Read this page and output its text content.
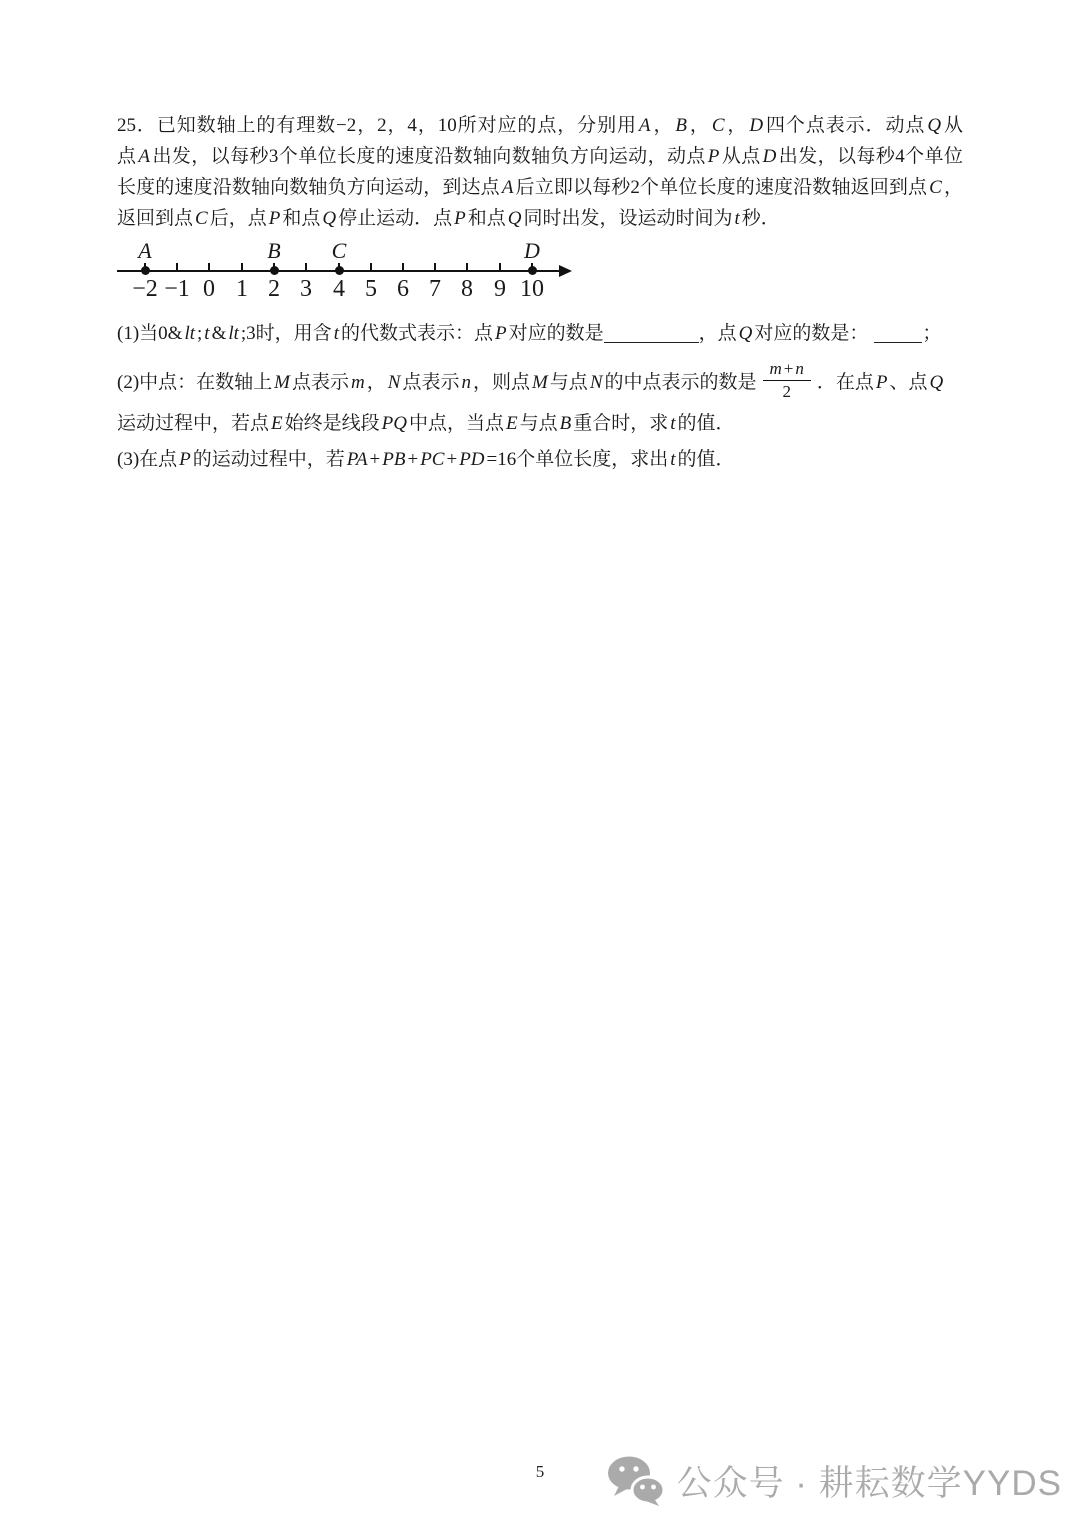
25．已知数轴上的有理数−2，2，4，10所对应的点，分别用 A ， B ， C ， D 四个点表示．动点 Q 从
点 A 出发，以每秒3个单位长度的速度沿数轴向数轴负方向运动，动点 P 从点 D 出发，以每秒4个单位
长度的速度沿数轴向数轴负方向运动，到达点 A 后立即以每秒2个单位长度的速度沿数轴返回到点 C ，
返回到点 C 后，点 P 和点 Q 停止运动．点 P 和点 Q 同时出发，设运动时间为 t 秒．
A	B	C	D
−2 −1 0 1 2 3 4 5 6 7 8 9 10
(1)当0& lt ; t & lt ;3时，用含 t 的代数式表示：点 P 对应的数是	，点 Q 对应的数是：	；
(2)中点：在数轴上 M 点表示 m ， N 点表示 n ，则点 M 与点 N 的中点表示的数是 $\frac{m + n}{2}$ ．在点 P 、点 Q
运动过程中，若点 E 始终是线段 PQ 中点，当点 E 与点 B 重合时，求 t 的值．
(3)在点 P 的运动过程中，若 PA + PB + PC + PD =16个单位长度，求出 t 的值．
5	公众号 · 耕耘数学YYDS
